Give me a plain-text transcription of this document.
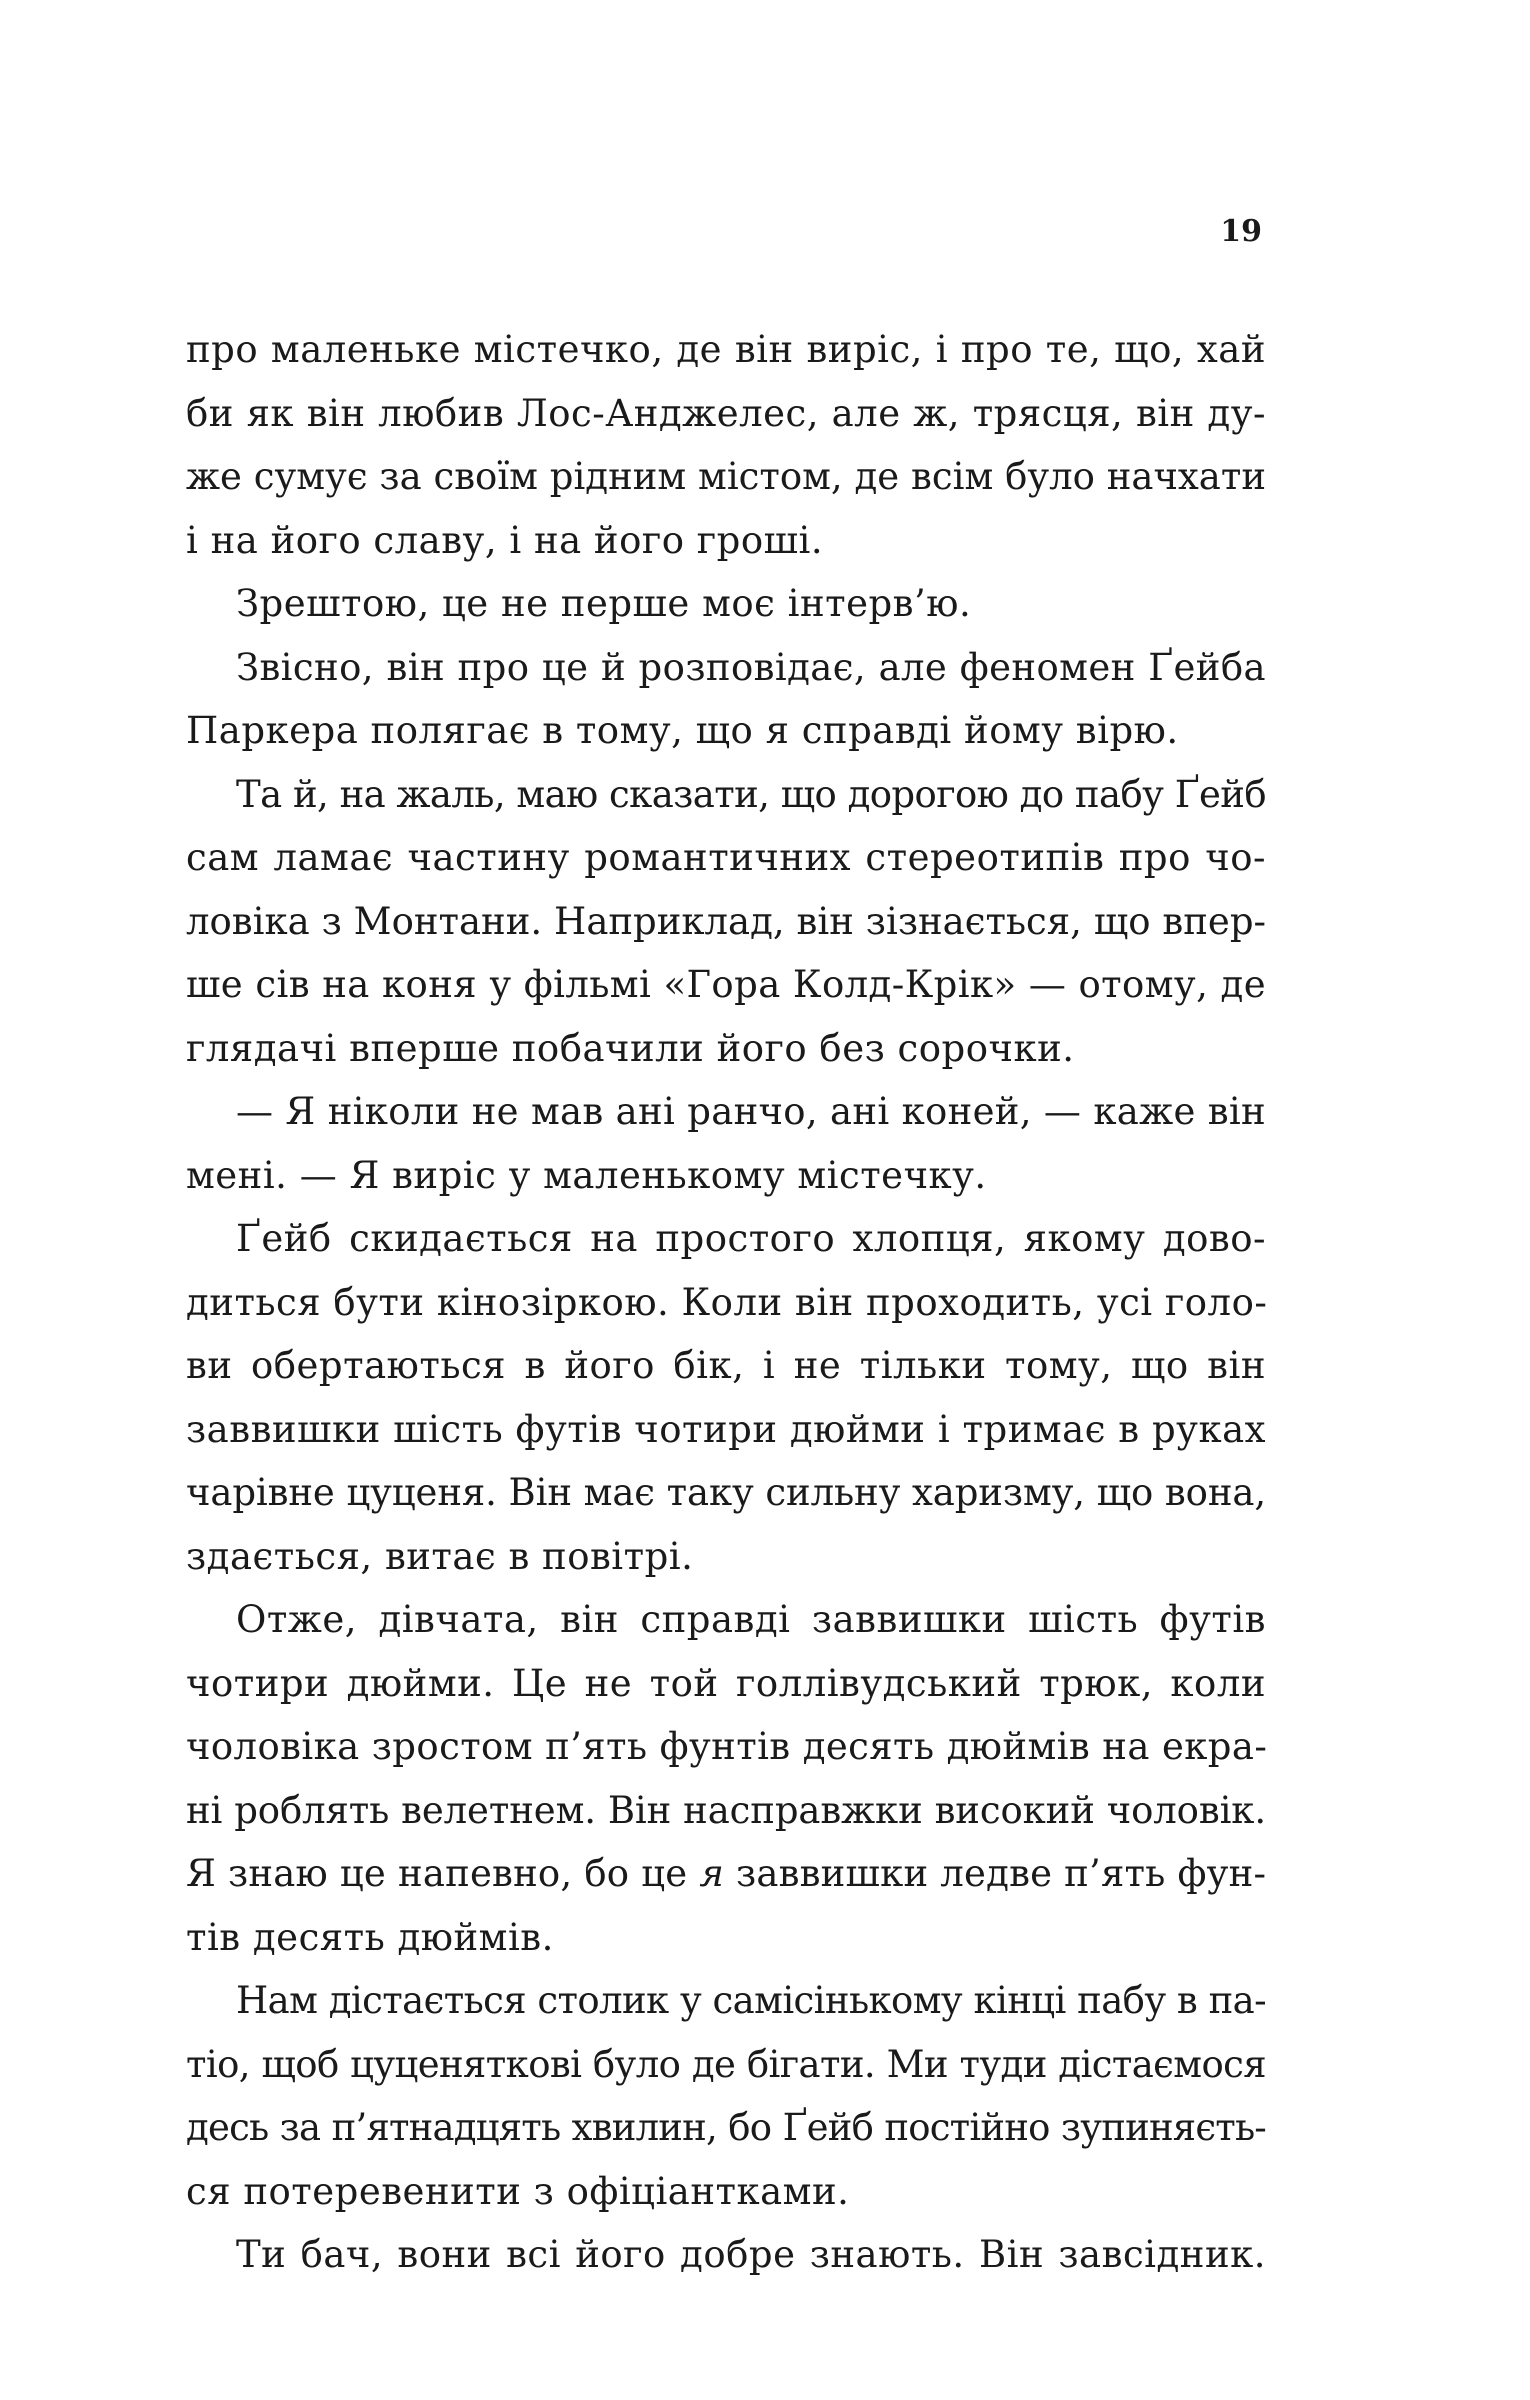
19
про маленьке містечко, де він виріс, і про те, що, хай
би як він любив Лос-Анджелес, але ж, трясця, він ду-
же сумує за своїм рідним містом, де всім було начхати
і на його славу, і на його гроші.
Зрештою, це не перше моє інтерв’ю.
Звісно, він про це й розповідає, але феномен Ґейба
Паркера полягає в тому, що я справді йому вірю.
Та й, на жаль, маю сказати, що дорогою до пабу Ґейб
сам ламає частину романтичних стереотипів про чо-
ловіка з Монтани. Наприклад, він зізнається, що впер-
ше сів на коня у фільмі «Гора Колд-Крік» — отому, де
глядачі вперше побачили його без сорочки.
— Я ніколи не мав ані ранчо, ані коней, — каже він
мені. — Я виріс у маленькому містечку.
Ґейб скидається на простого хлопця, якому дово-
диться бути кінозіркою. Коли він проходить, усі голо-
ви обертаються в його бік, і не тільки тому, що він
заввишки шість футів чотири дюйми і тримає в руках
чарівне цуценя. Він має таку сильну харизму, що вона,
здається, витає в повітрі.
Отже, дівчата, він справді заввишки шість футів
чотири дюйми. Це не той голлівудський трюк, коли
чоловіка зростом п’ять фунтів десять дюймів на екра-
ні роблять велетнем. Він насправжки високий чоловік.
Я знаю це напевно, бо це я заввишки ледве п’ять фун-
тів десять дюймів.
Нам дістається столик у самісінькому кінці пабу в па-
тіо, щоб цуценяткові було де бігати. Ми туди дістаємося
десь за п’ятнадцять хвилин, бо Ґейб постійно зупиняєть-
ся потеревенити з офіціантками.
Ти бач, вони всі його добре знають. Він завсідник.
